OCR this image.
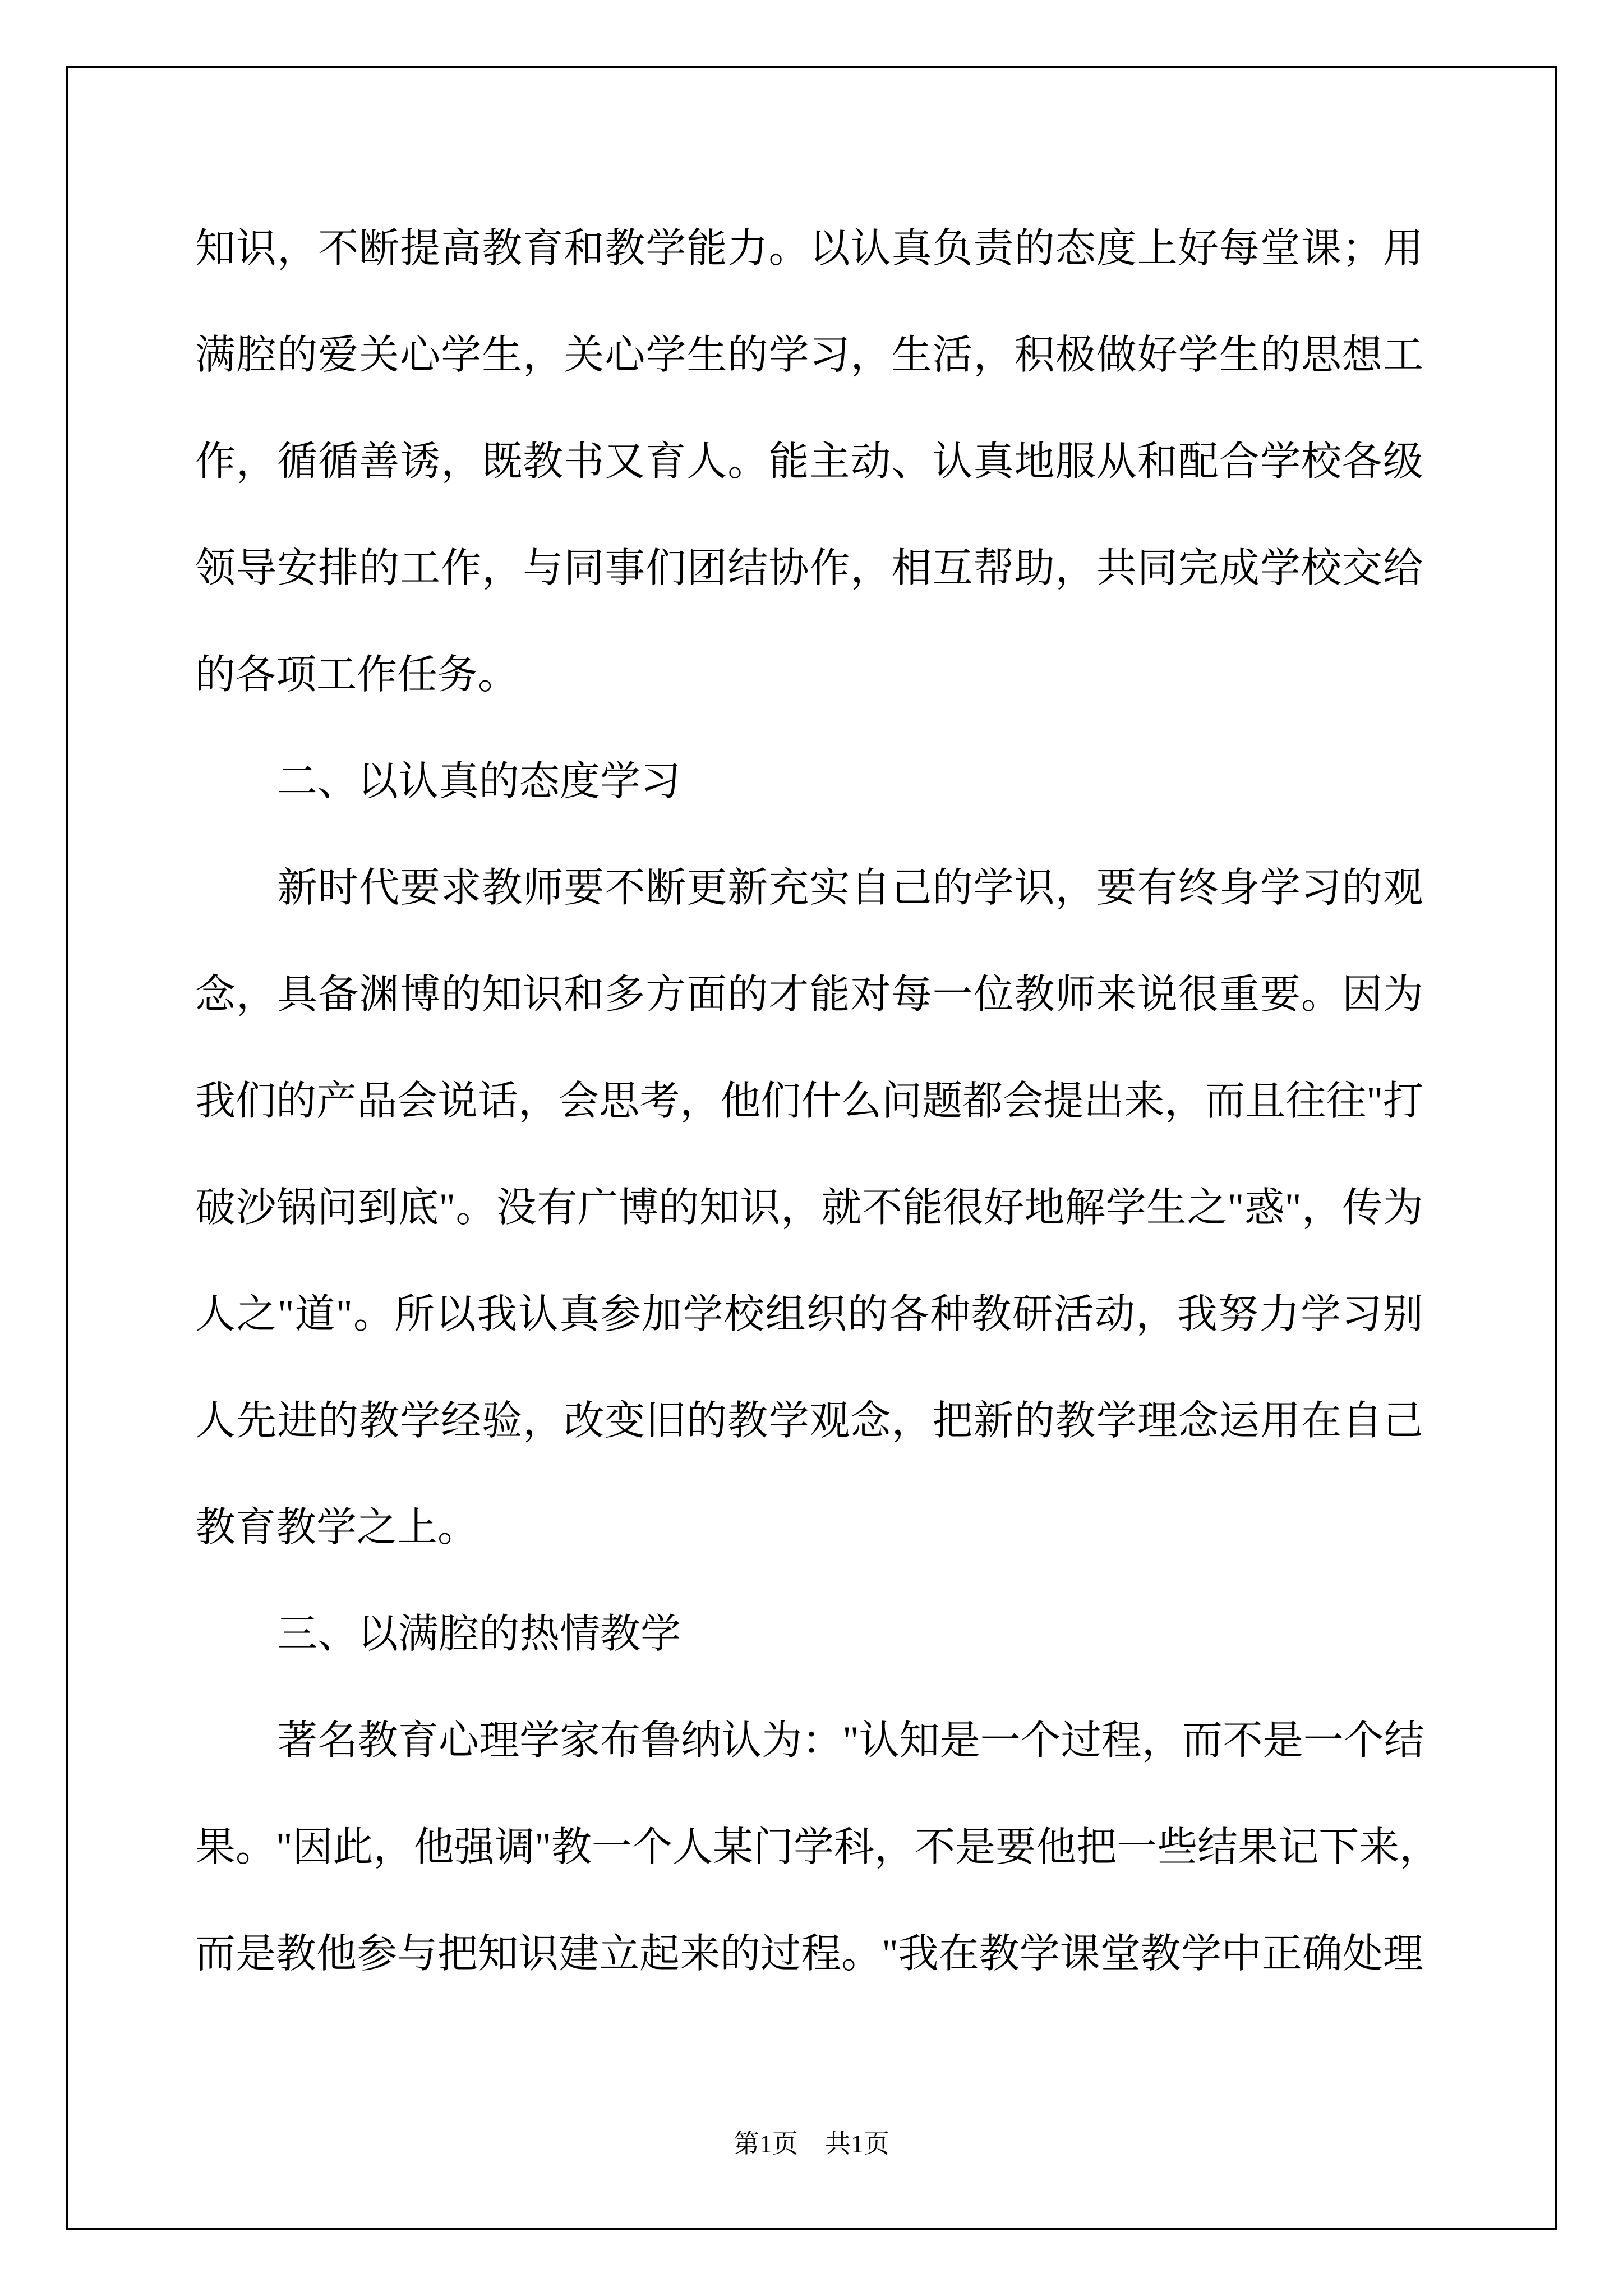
知 识 ， 不 断 提 高 教 育 和 教 学 能 力 。 以 认 真 负 责 的 态 度 上 好 每 堂 课 ； 用
满 腔 的 爱 关 心 学 生 ， 关 心 学 生 的 学 习 ， 生 活 ， 积 极 做 好 学 生 的 思 想 工
作 ， 循 循 善 诱 ， 既 教 书 又 育 人 。 能 主 动 、 认 真 地 服 从 和 配 合 学 校 各 级
领 导 安 排 的 工 作 ， 与 同 事 们 团 结 协 作 ， 相 互 帮 助 ， 共 同 完 成 学 校 交 给
的各项工作任务。
二、以认真的态度学习
新 时 代 要 求 教 师 要 不 断 更 新 充 实 自 己 的 学 识 ， 要 有 终 身 学 习 的 观
念 ， 具 备 渊 博 的 知 识 和 多 方 面 的 才 能 对 每 一 位 教 师 来 说 很 重 要 。 因 为
我 们 的 产 品 会 说 话 ， 会 思 考 ， 他 们 什 么 问 题 都 会 提 出 来 ， 而 且 往 往 " 打
破 沙 锅 问 到 底 " 。 没 有 广 博 的 知 识 ， 就 不 能 很 好 地 解 学 生 之 " 惑 " ， 传 为
人 之 " 道 " 。 所 以 我 认 真 参 加 学 校 组 织 的 各 种 教 研 活 动 ， 我 努 力 学 习 别
人 先 进 的 教 学 经 验 ， 改 变 旧 的 教 学 观 念 ， 把 新 的 教 学 理 念 运 用 在 自 己
教育教学之上。
三、以满腔的热情教学
著 名 教 育 心 理 学 家 布 鲁 纳 认 为 ： " 认 知 是 一 个 过 程 ， 而 不 是 一 个 结
果 。 " 因 此 ， 他 强 调 " 教 一 个 人 某 门 学 科 ， 不 是 要 他 把 一 些 结 果 记 下 来 ，
而 是 教 他 参 与 把 知 识 建 立 起 来 的 过 程 。 " 我 在 教 学 课 堂 教 学 中 正 确 处 理
第1页 共1页
